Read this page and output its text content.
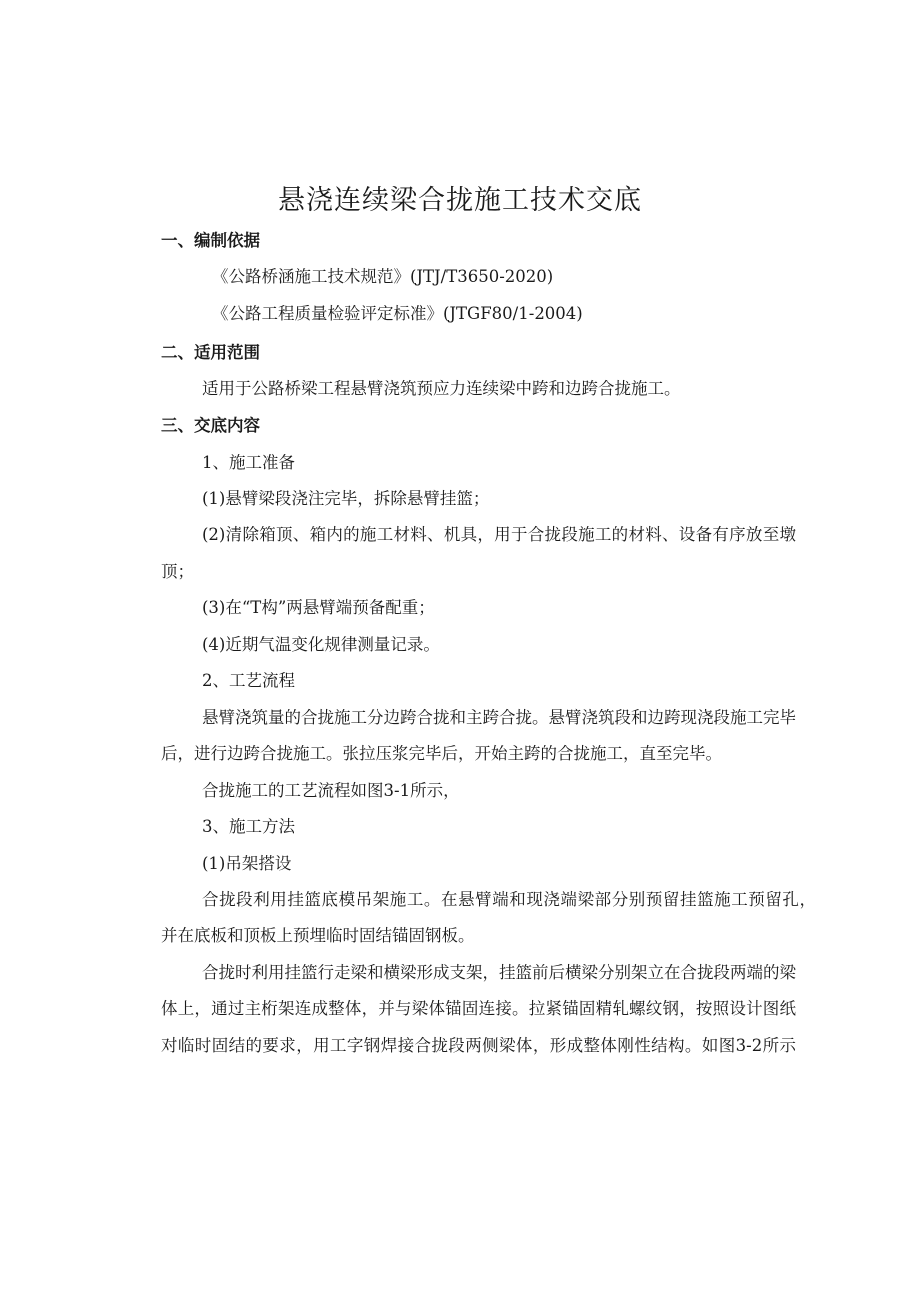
悬浇连续梁合拢施工技术交底
一、编制依据
《公路桥涵施工技术规范》(JTJ/T3650-2020)
《公路工程质量检验评定标准》(JTGF80/1-2004)
二、适用范围
适用于公路桥梁工程悬臂浇筑预应力连续梁中跨和边跨合拢施工。
三、交底内容
1、施工准备
(1)悬臂梁段浇注完毕，拆除悬臂挂篮；
(2)清除箱顶、箱内的施工材料、机具，用于合拢段施工的材料、设备有序放至墩
顶；
(3)在“T构”两悬臂端预备配重；
(4)近期气温变化规律测量记录。
2、工艺流程
悬臂浇筑量的合拢施工分边跨合拢和主跨合拢。悬臂浇筑段和边跨现浇段施工完毕
后，进行边跨合拢施工。张拉压浆完毕后，开始主跨的合拢施工，直至完毕。
合拢施工的工艺流程如图3-1所示，
3、施工方法
(1)吊架搭设
合拢段利用挂篮底模吊架施工。在悬臂端和现浇端梁部分别预留挂篮施工预留孔，
并在底板和顶板上预埋临时固结锚固钢板。
合拢时利用挂篮行走梁和横梁形成支架，挂篮前后横梁分别架立在合拢段两端的梁
体上，通过主桁架连成整体，并与梁体锚固连接。拉紧锚固精轧螺纹钢，按照设计图纸
对临时固结的要求，用工字钢焊接合拢段两侧梁体，形成整体刚性结构。如图3-2所示
